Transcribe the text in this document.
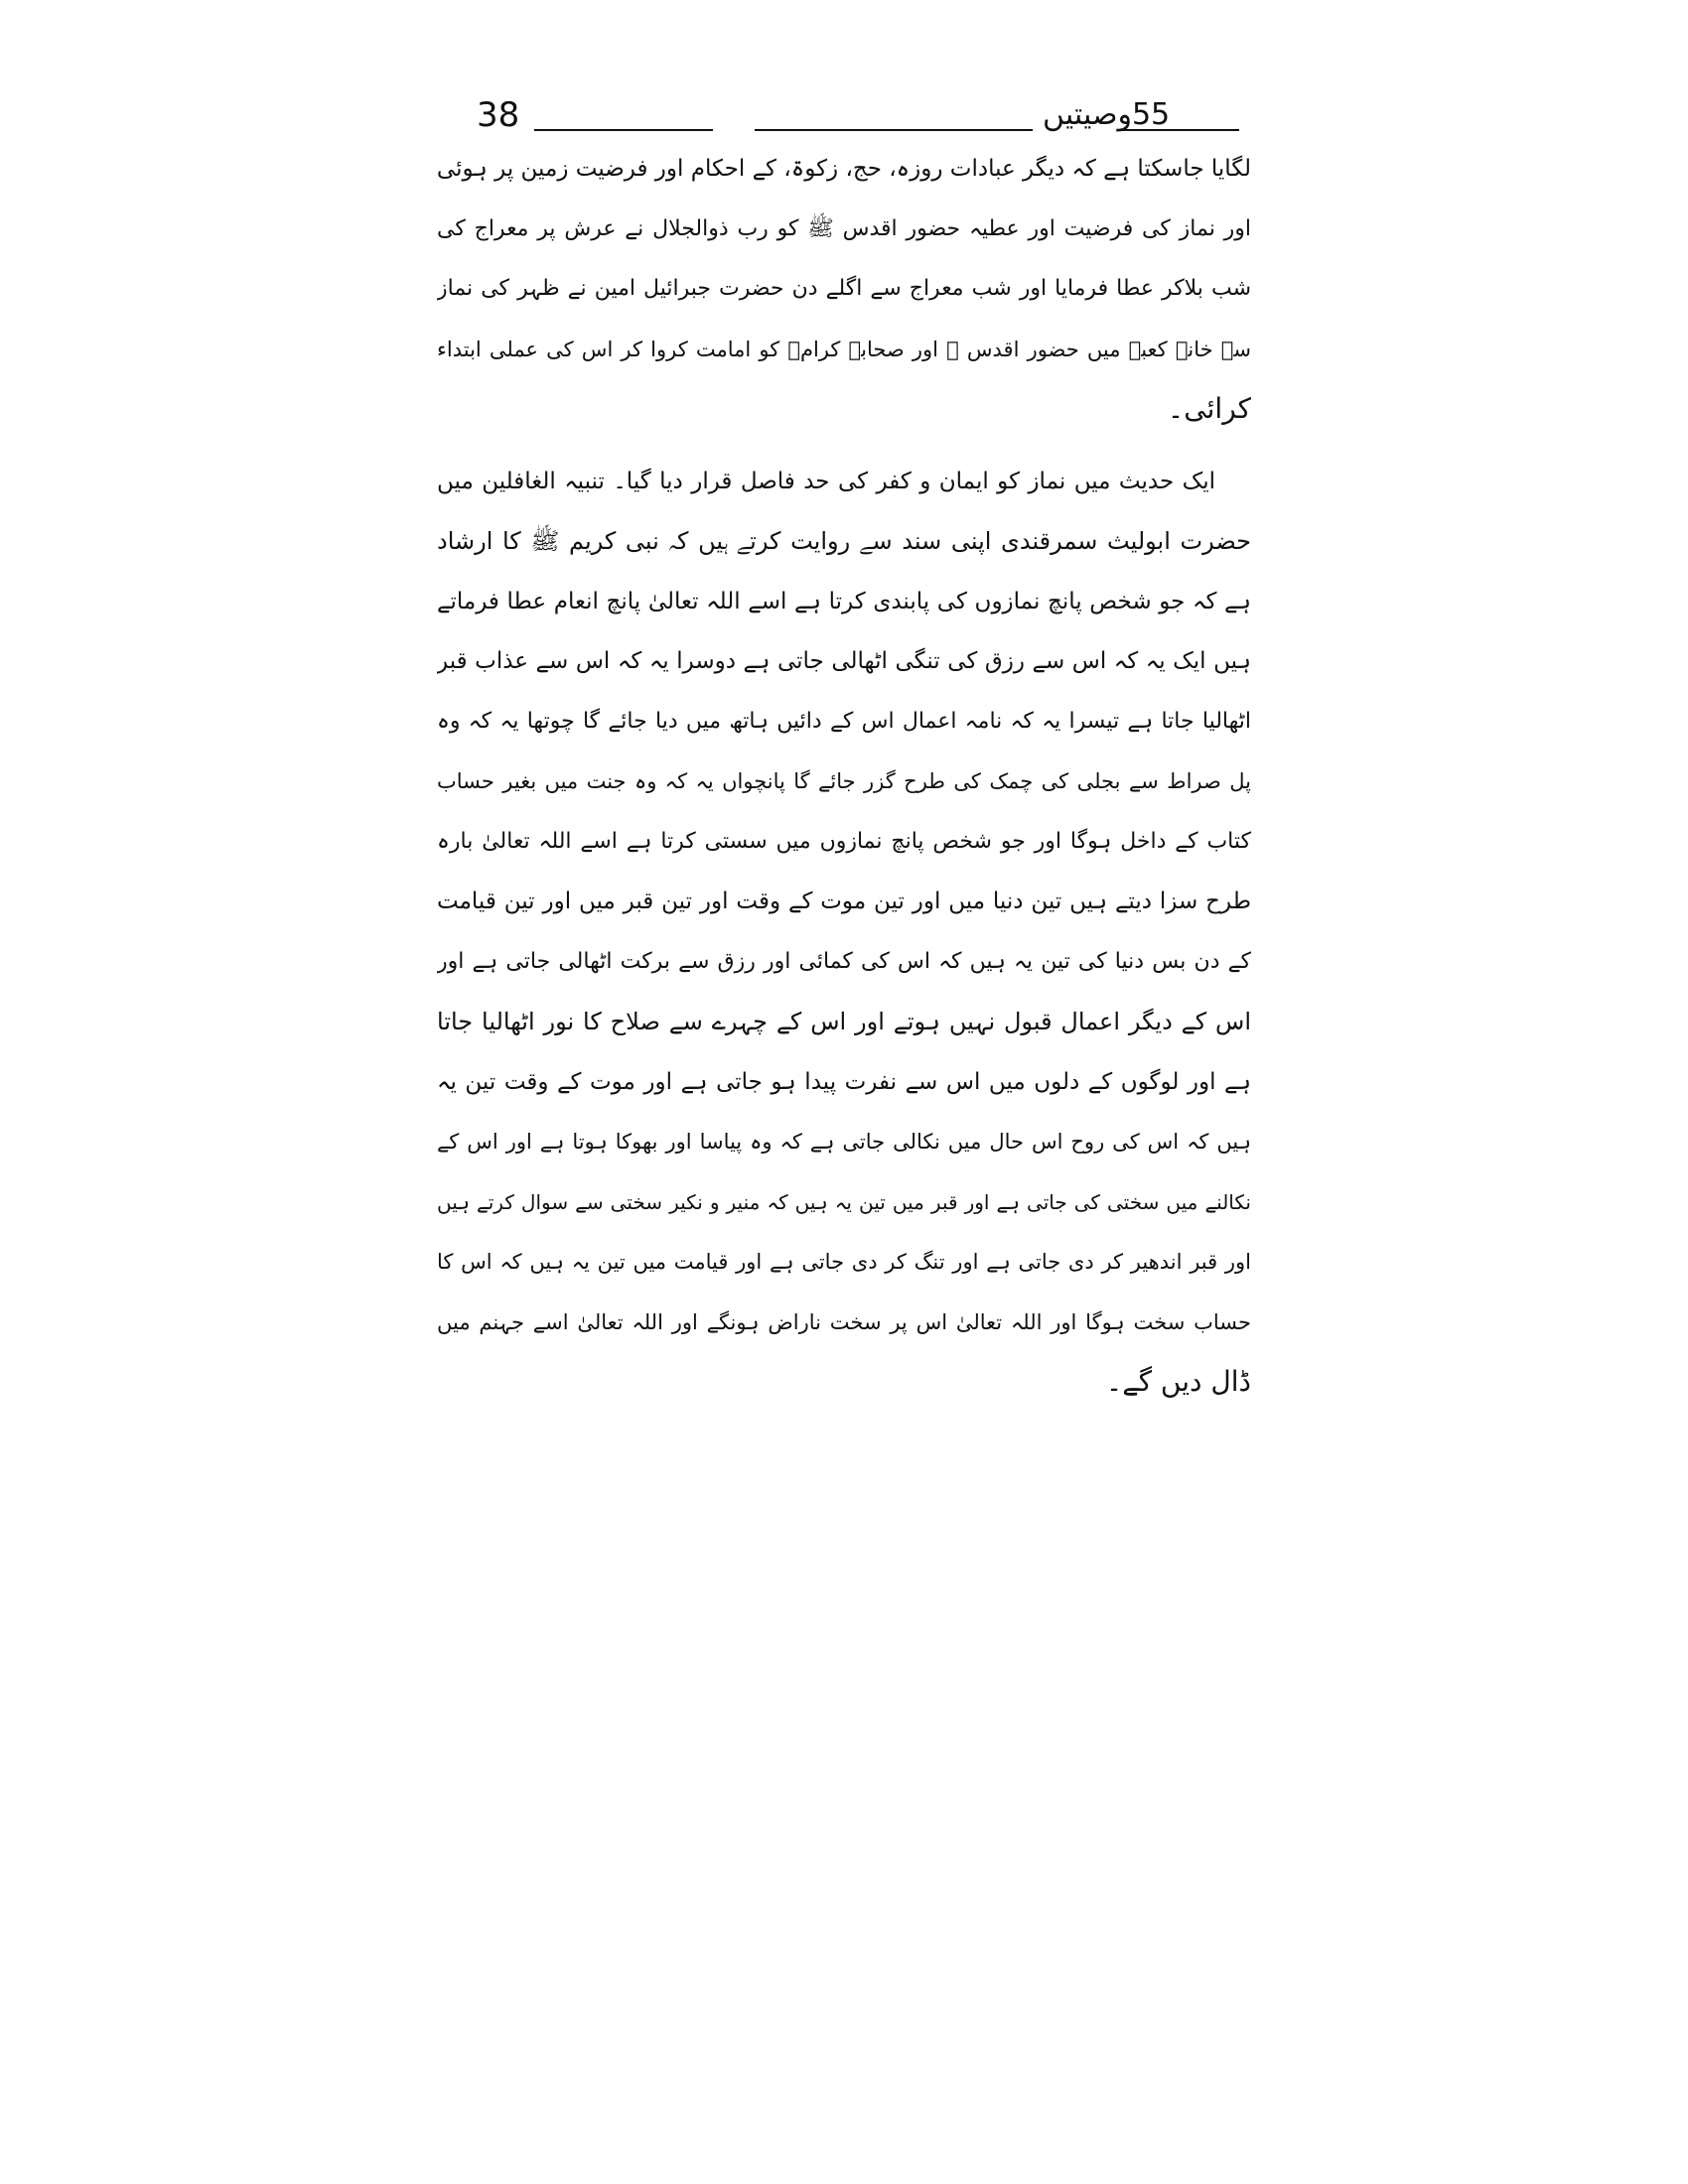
38	55وصیتیں
لگایا جاسکتا ہے کہ دیگر عبادات روزہ، حج، زکوۃ، کے احکام اور فرضیت زمین پر ہوئی
اور نماز کی فرضیت اور عطیہ حضور اقدس ﷺ کو رب ذوالجلال نے عرش پر معراج کی
شب بلاکر عطا فرمایا اور شب معراج سے اگلے دن حضرت جبرائیل امین نے ظہر کی نماز
سے خانہ کعبہ میں حضور اقدس ﷺ اور صحابہ کرامؓ کو امامت کروا کر اس کی عملی ابتداء
کرائی۔
ایک حدیث میں نماز کو ایمان و کفر کی حد فاصل قرار دیا گیا۔ تنبیہ الغافلین میں
حضرت ابولیث سمرقندی اپنی سند سے روایت کرتے ہیں کہ نبی کریم ﷺ کا ارشاد
ہے کہ جو شخص پانچ نمازوں کی پابندی کرتا ہے اسے اللہ تعالیٰ پانچ انعام عطا فرماتے
ہیں ایک یہ کہ اس سے رزق کی تنگی اٹھالی جاتی ہے دوسرا یہ کہ اس سے عذاب قبر
اٹھالیا جاتا ہے تیسرا یہ کہ نامہ اعمال اس کے دائیں ہاتھ میں دیا جائے گا چوتھا یہ کہ وہ
پل صراط سے بجلی کی چمک کی طرح گزر جائے گا پانچواں یہ کہ وہ جنت میں بغیر حساب
کتاب کے داخل ہوگا اور جو شخص پانچ نمازوں میں سستی کرتا ہے اسے اللہ تعالیٰ بارہ
طرح سزا دیتے ہیں تین دنیا میں اور تین موت کے وقت اور تین قبر میں اور تین قیامت
کے دن بس دنیا کی تین یہ ہیں کہ اس کی کمائی اور رزق سے برکت اٹھالی جاتی ہے اور
اس کے دیگر اعمال قبول نہیں ہوتے اور اس کے چہرے سے صلاح کا نور اٹھالیا جاتا
ہے اور لوگوں کے دلوں میں اس سے نفرت پیدا ہو جاتی ہے اور موت کے وقت تین یہ
ہیں کہ اس کی روح اس حال میں نکالی جاتی ہے کہ وہ پیاسا اور بھوکا ہوتا ہے اور اس کے
نکالنے میں سختی کی جاتی ہے اور قبر میں تین یہ ہیں کہ منیر و نکیر سختی سے سوال کرتے ہیں
اور قبر اندھیر کر دی جاتی ہے اور تنگ کر دی جاتی ہے اور قیامت میں تین یہ ہیں کہ اس کا
حساب سخت ہوگا اور اللہ تعالیٰ اس پر سخت ناراض ہونگے اور اللہ تعالیٰ اسے جہنم میں
ڈال دیں گے۔
